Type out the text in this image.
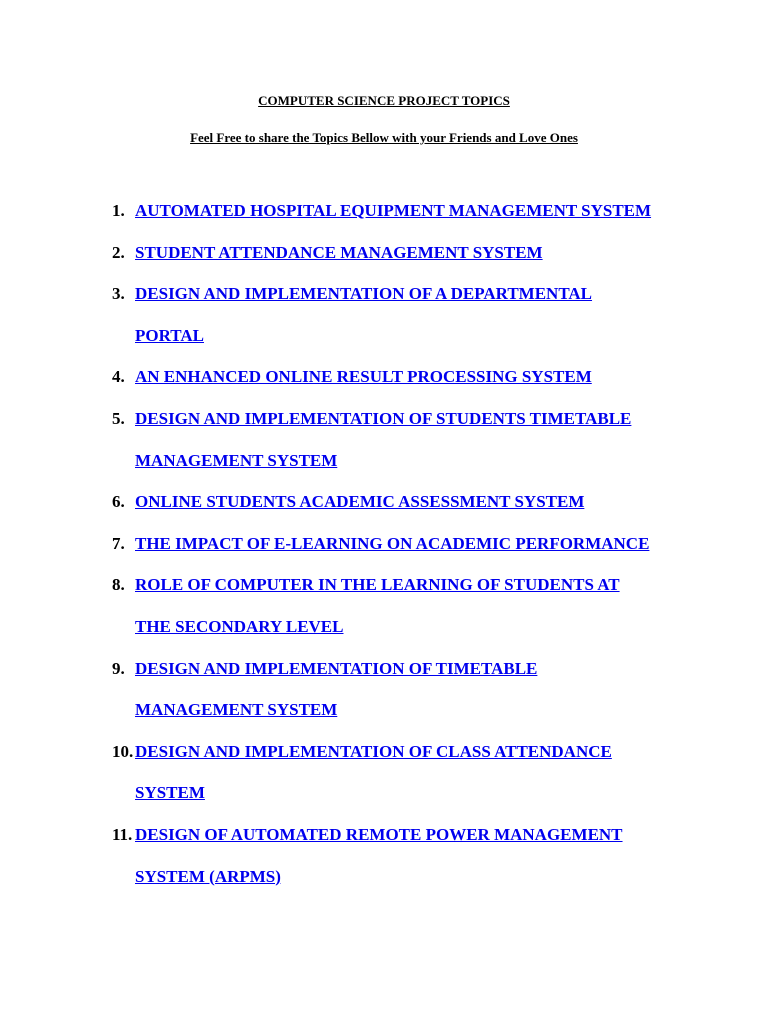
COMPUTER SCIENCE PROJECT TOPICS
Feel Free to share the Topics Bellow with your Friends and Love Ones
1. AUTOMATED HOSPITAL EQUIPMENT MANAGEMENT SYSTEM
2. STUDENT ATTENDANCE MANAGEMENT SYSTEM
3. DESIGN AND IMPLEMENTATION OF A DEPARTMENTAL
PORTAL
4. AN ENHANCED ONLINE RESULT PROCESSING SYSTEM
5. DESIGN AND IMPLEMENTATION OF STUDENTS TIMETABLE
MANAGEMENT SYSTEM
6. ONLINE STUDENTS ACADEMIC ASSESSMENT SYSTEM
7. THE IMPACT OF E-LEARNING ON ACADEMIC PERFORMANCE
8. ROLE OF COMPUTER IN THE LEARNING OF STUDENTS AT
THE SECONDARY LEVEL
9. DESIGN AND IMPLEMENTATION OF TIMETABLE
MANAGEMENT SYSTEM
10. DESIGN AND IMPLEMENTATION OF CLASS ATTENDANCE
SYSTEM
11. DESIGN OF AUTOMATED REMOTE POWER MANAGEMENT
SYSTEM (ARPMS)
